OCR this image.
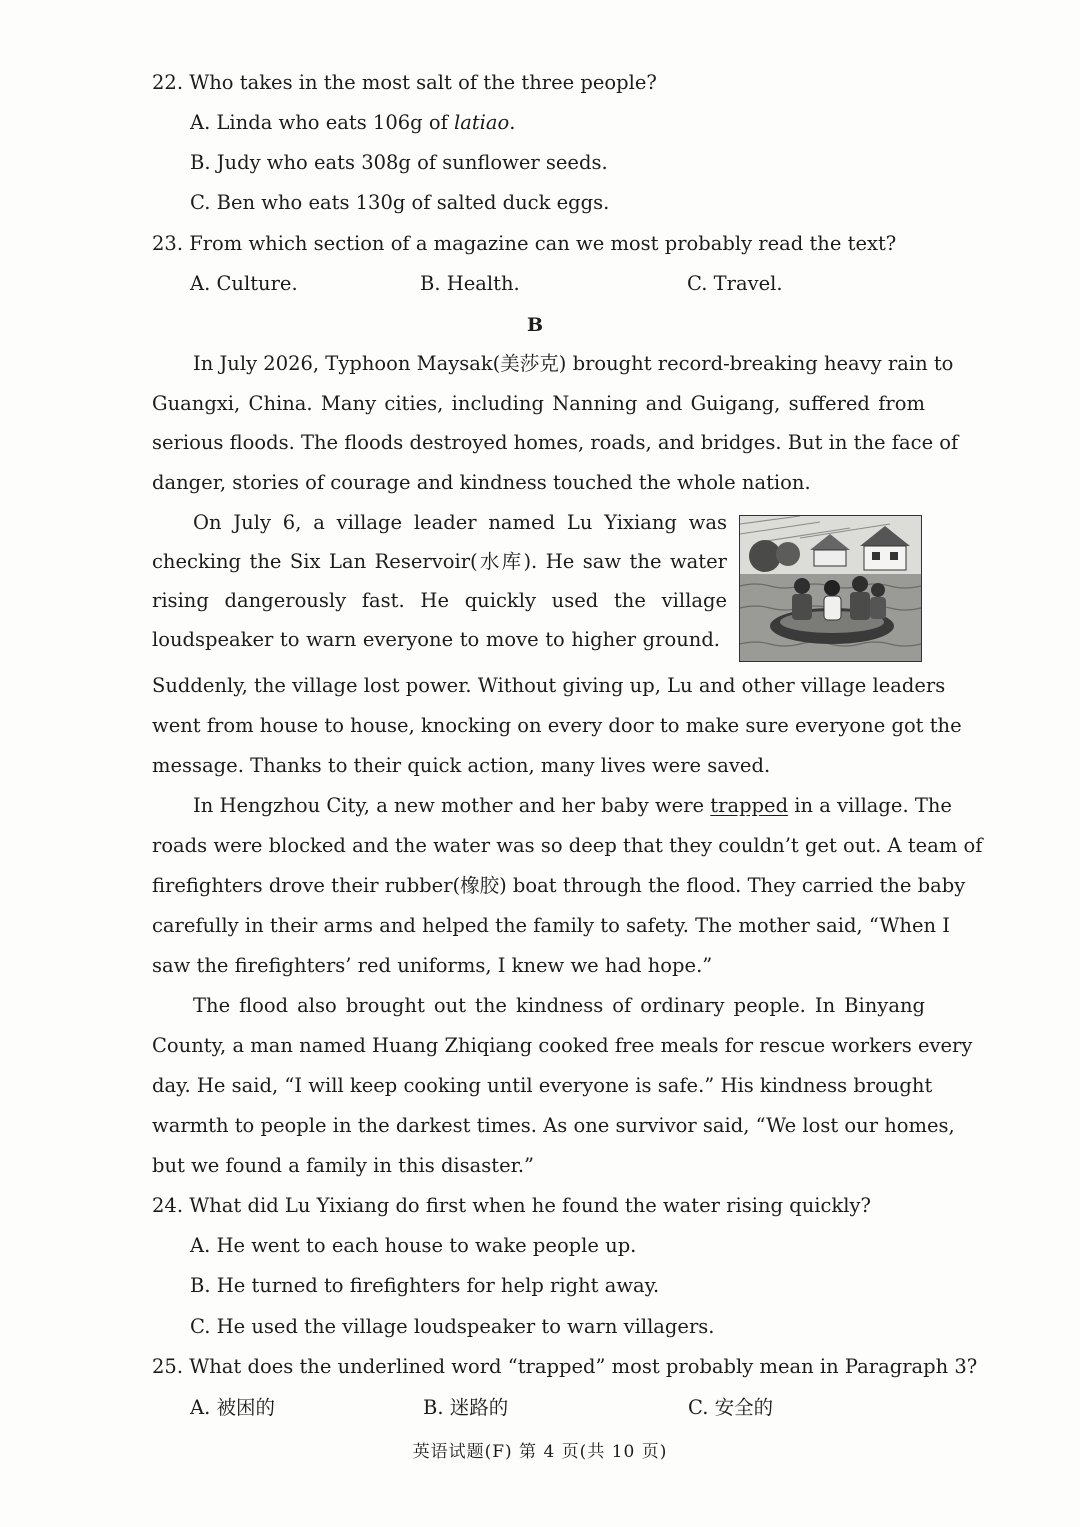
22. Who takes in the most salt of the three people?
A. Linda who eats 106g of latiao.
B. Judy who eats 308g of sunflower seeds.
C. Ben who eats 130g of salted duck eggs.
23. From which section of a magazine can we most probably read the text?
A. Culture.	B. Health.	C. Travel.
B
In July 2026, Typhoon Maysak(美莎克) brought record-breaking heavy rain to
Guangxi, China. Many cities, including Nanning and Guigang, suffered from
serious floods. The floods destroyed homes, roads, and bridges. But in the face of
danger, stories of courage and kindness touched the whole nation.
On July 6, a village leader named Lu Yixiang was
checking the Six Lan Reservoir(水库). He saw the water
rising dangerously fast. He quickly used the village
loudspeaker to warn everyone to move to higher ground.
Suddenly, the village lost power. Without giving up, Lu and other village leaders
went from house to house, knocking on every door to make sure everyone got the
message. Thanks to their quick action, many lives were saved.
In Hengzhou City, a new mother and her baby were trapped in a village. The
roads were blocked and the water was so deep that they couldn’t get out. A team of
firefighters drove their rubber(橡胶) boat through the flood. They carried the baby
carefully in their arms and helped the family to safety. The mother said, “When I
saw the firefighters’ red uniforms, I knew we had hope.”
The flood also brought out the kindness of ordinary people. In Binyang
County, a man named Huang Zhiqiang cooked free meals for rescue workers every
day. He said, “I will keep cooking until everyone is safe.” His kindness brought
warmth to people in the darkest times. As one survivor said, “We lost our homes,
but we found a family in this disaster.”
24. What did Lu Yixiang do first when he found the water rising quickly?
A. He went to each house to wake people up.
B. He turned to firefighters for help right away.
C. He used the village loudspeaker to warn villagers.
25. What does the underlined word “trapped” most probably mean in Paragraph 3?
A. 被困的	B. 迷路的	C. 安全的
英语试题(F) 第 4 页(共 10 页)
